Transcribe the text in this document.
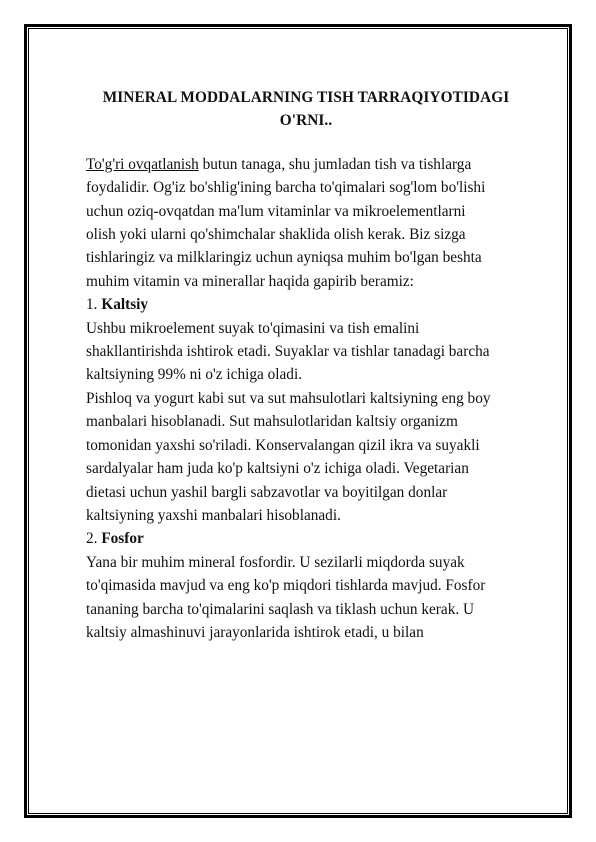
MINERAL MODDALARNING TISH TARRAQIYOTIDAGI
O'RNI..
To'g'ri ovqatlanish butun tanaga, shu jumladan tish va tishlarga
foydalidir. Og'iz bo'shlig'ining barcha to'qimalari sog'lom bo'lishi
uchun oziq-ovqatdan ma'lum vitaminlar va mikroelementlarni
olish yoki ularni qo'shimchalar shaklida olish kerak. Biz sizga
tishlaringiz va milklaringiz uchun ayniqsa muhim bo'lgan beshta
muhim vitamin va minerallar haqida gapirib beramiz:
1. Kaltsiy
Ushbu mikroelement suyak to'qimasini va tish emalini
shakllantirishda ishtirok etadi. Suyaklar va tishlar tanadagi barcha
kaltsiyning 99% ni o'z ichiga oladi.
Pishloq va yogurt kabi sut va sut mahsulotlari kaltsiyning eng boy
manbalari hisoblanadi. Sut mahsulotlaridan kaltsiy organizm
tomonidan yaxshi so'riladi. Konservalangan qizil ikra va suyakli
sardalyalar ham juda ko'p kaltsiyni o'z ichiga oladi. Vegetarian
dietasi uchun yashil bargli sabzavotlar va boyitilgan donlar
kaltsiyning yaxshi manbalari hisoblanadi.
2. Fosfor
Yana bir muhim mineral fosfordir. U sezilarli miqdorda suyak
to'qimasida mavjud va eng ko'p miqdori tishlarda mavjud. Fosfor
tananing barcha to'qimalarini saqlash va tiklash uchun kerak. U
kaltsiy almashinuvi jarayonlarida ishtirok etadi, u bilan
